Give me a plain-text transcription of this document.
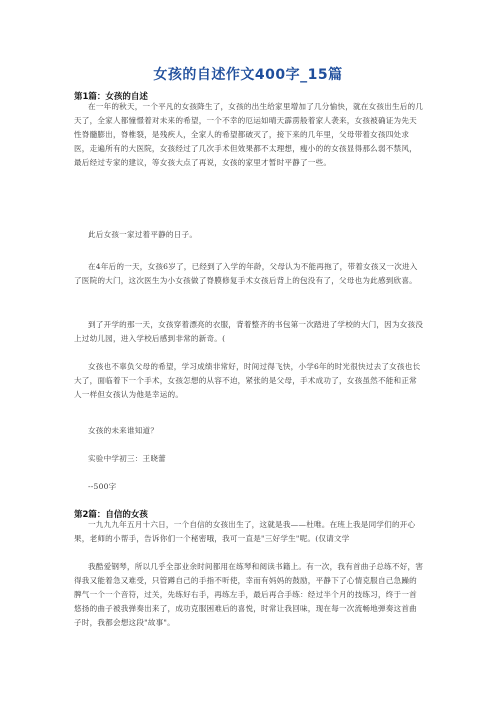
女孩的自述作文400字_15篇
第1篇：女孩的自述
在一年的秋天，一个平凡的女孩降生了，女孩的出生给家里增加了几分愉快，就在女孩出生后的几天了，全家人都憧憬着对未来的希望，一个不幸的厄运如晴天霹雳般着家人袭来，女孩被确证为先天性脊髓膨出，脊椎裂，是残疾人，全家人的希望都破灭了，接下来的几年里，父母带着女孩四处求医，走遍所有的大医院，女孩经过了几次手术但效果都不太理想，瘦小的的女孩显得那么弱不禁风，最后经过专家的建议，等女孩大点了再说，女孩的家里才暂时平静了一些。
此后女孩一家过着平静的日子。
在4年后的一天，女孩6岁了，已经到了入学的年龄，父母认为不能再拖了，带着女孩又一次进入了医院的大门，这次医生为小女孩做了脊膜修复手术女孩后背上的包没有了，父母也为此感到欣喜。
到了开学的那一天，女孩穿着漂亮的衣服，背着整齐的书包第一次踏进了学校的大门，因为女孩没上过幼儿园，进入学校后感到非常的新奇。(
女孩也不辜负父母的希望，学习成绩非常好，时间过得飞快，小学6年的时光很快过去了女孩也长大了，面临着下一个手术，女孩怎想的从容不迫，紧张的是父母，手术成功了，女孩虽然不能和正常人一样但女孩认为他是幸运的。
女孩的未来谁知道？
实验中学初三：王晓蕾
--500字
第2篇：自信的女孩
一九九九年五月十六日，一个自信的女孩出生了，这就是我——杜唯。在班上我是同学们的开心果，老师的小帮手，告诉你们一个秘密哦，我可一直是"三好学生"呢。(仅请文学
我酷爱钢琴，所以几乎全部业余时间都用在练琴和阅读书籍上。有一次，我有首曲子总练不好，害得我又能着急又难受，只管蹲自己的手指不听使，幸而有妈妈的鼓励，平静下了心情克服自己急躁的脾气一个一个音符，过关，先练好右手，再练左手，最后再合手练：经过半个月的技练习，终于一首悠扬的曲子被我弹奏出来了，成功克服困难后的喜悦，时常让我回味，现在每一次流畅地弹奏这首曲子时，我都会想这段"故事"。
